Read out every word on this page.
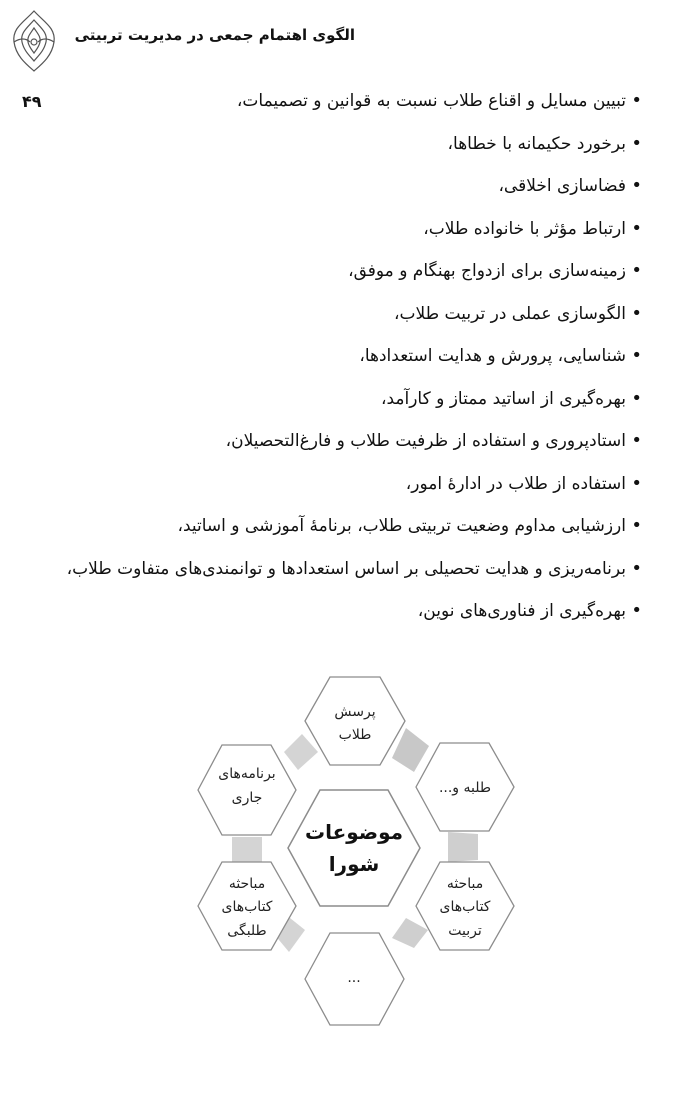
الگوی اهتمام جمعی در مدیریت تربیتی
۴۹
•	تبیین مسایل و اقناع طلاب نسبت به قوانین و تصمیمات،
• برخورد حکیمانه با خطاها،
• فضاسازی اخلاقی،
• ارتباط مؤثر با خانواده طلاب،
• زمینه‌سازی برای ازدواج بهنگام و موفق،
• الگوسازی عملی در تربیت طلاب،
• شناسایی، پرورش و هدایت استعدادها،
• بهره‌گیری از اساتید ممتاز و کارآمد،
• استادپروری و استفاده از ظرفیت طلاب و فارغ‌التحصیلان،
• استفاده از طلاب در ادارهٔ امور،
• ارزشیابی مداوم وضعیت تربیتی طلاب، برنامهٔ آموزشی و اساتید،
• برنامه‌ریزی و هدایت تحصیلی بر اساس استعدادها و توانمندی‌های متفاوت طلاب،
• بهره‌گیری از فناوری‌های نوین،
پرسش
طلاب
طلبه و...
مباحثه
کتاب‌های
تربیت
...
مباحثه
کتاب‌های
طلبگی
برنامه‌های
جاری
موضوعات
شورا
